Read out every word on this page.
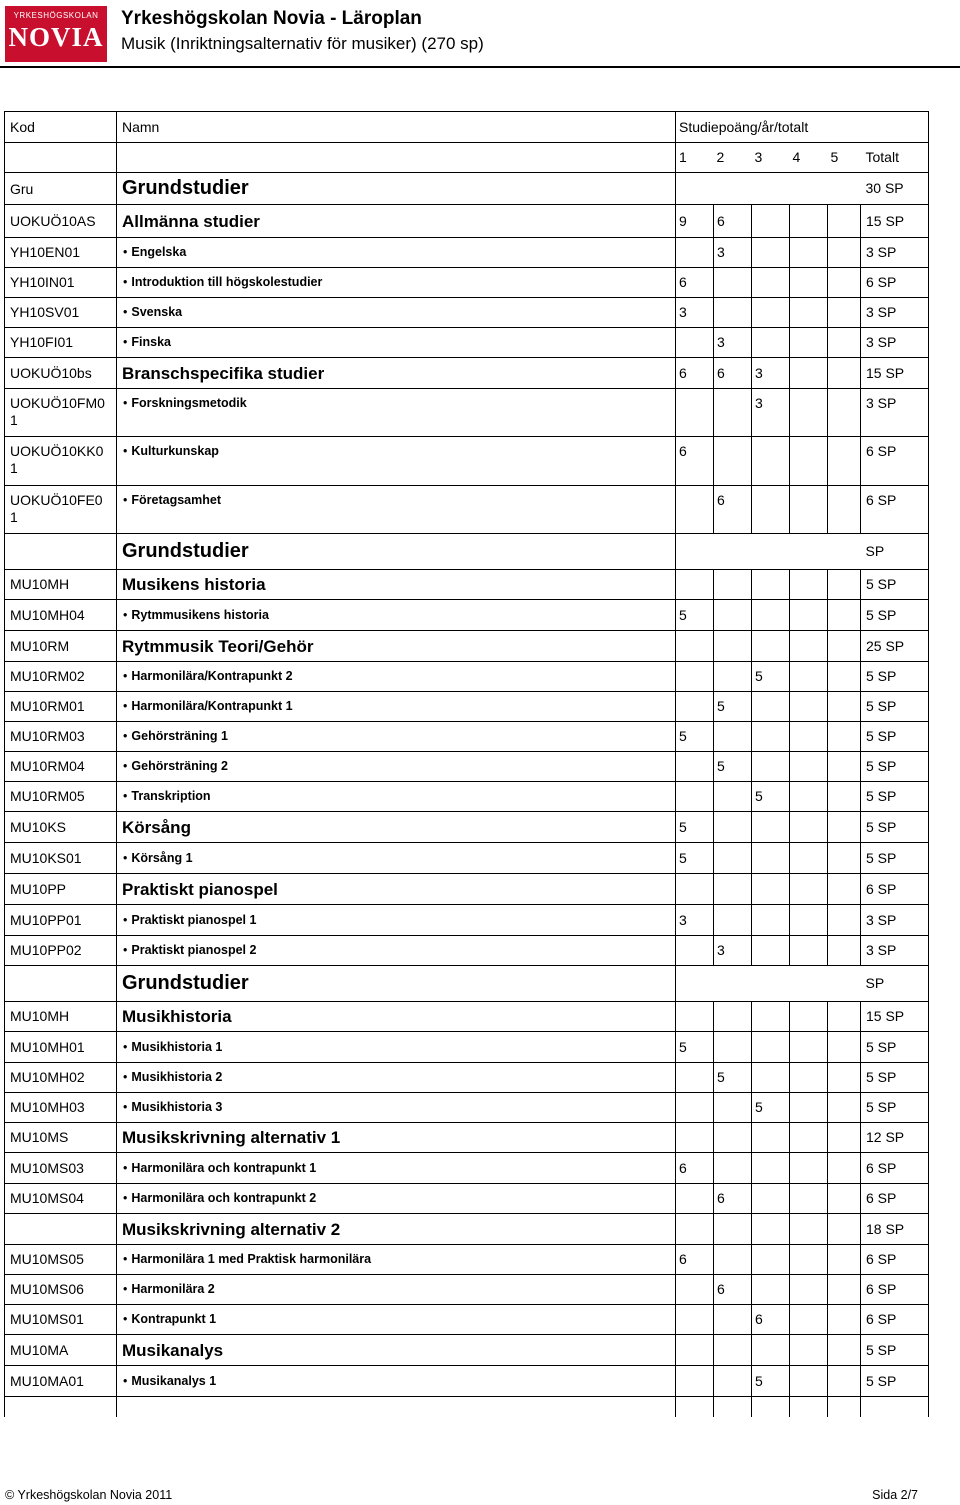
YRKESHÖGSKOLAN
NOVIA
Yrkeshögskolan Novia - Läroplan
Musik (Inriktningsalternativ för musiker) (270 sp)
Kod	Namn	Studiepoäng/år/totalt					
		1	2	3	4	5	Totalt
Gru	Grundstudier						30 SP
UOKUÖ10AS	Allmänna studier	9	6				15 SP
YH10EN01	• Engelska		3				3 SP
YH10IN01	• Introduktion till högskolestudier	6					6 SP
YH10SV01	• Svenska	3					3 SP
YH10FI01	• Finska		3				3 SP
UOKUÖ10bs	Branschspecifika studier	6	6	3			15 SP
UOKUÖ10FM0 1	• Forskningsmetodik			3			3 SP
UOKUÖ10KK0 1	• Kulturkunskap	6					6 SP
UOKUÖ10FE0 1	• Företagsamhet		6				6 SP
	Grundstudier						SP
MU10MH	Musikens historia						5 SP
MU10MH04	• Rytmmusikens historia	5					5 SP
MU10RM	Rytmmusik Teori/Gehör						25 SP
MU10RM02	• Harmonilära/Kontrapunkt 2			5			5 SP
MU10RM01	• Harmonilära/Kontrapunkt 1		5				5 SP
MU10RM03	• Gehörsträning 1	5					5 SP
MU10RM04	• Gehörsträning 2		5				5 SP
MU10RM05	• Transkription			5			5 SP
MU10KS	Körsång	5					5 SP
MU10KS01	• Körsång 1	5					5 SP
MU10PP	Praktiskt pianospel						6 SP
MU10PP01	• Praktiskt pianospel 1	3					3 SP
MU10PP02	• Praktiskt pianospel 2		3				3 SP
	Grundstudier						SP
MU10MH	Musikhistoria						15 SP
MU10MH01	• Musikhistoria 1	5					5 SP
MU10MH02	• Musikhistoria 2		5				5 SP
MU10MH03	• Musikhistoria 3			5			5 SP
MU10MS	Musikskrivning alternativ 1						12 SP
MU10MS03	• Harmonilära och kontrapunkt 1	6					6 SP
MU10MS04	• Harmonilära och kontrapunkt 2		6				6 SP
	Musikskrivning alternativ 2						18 SP
MU10MS05	• Harmonilära 1 med Praktisk harmonilära	6					6 SP
MU10MS06	• Harmonilära 2		6				6 SP
MU10MS01	• Kontrapunkt 1			6			6 SP
MU10MA	Musikanalys						5 SP
MU10MA01	• Musikanalys 1			5			5 SP

© Yrkeshögskolan Novia 2011	Sida 2/7
